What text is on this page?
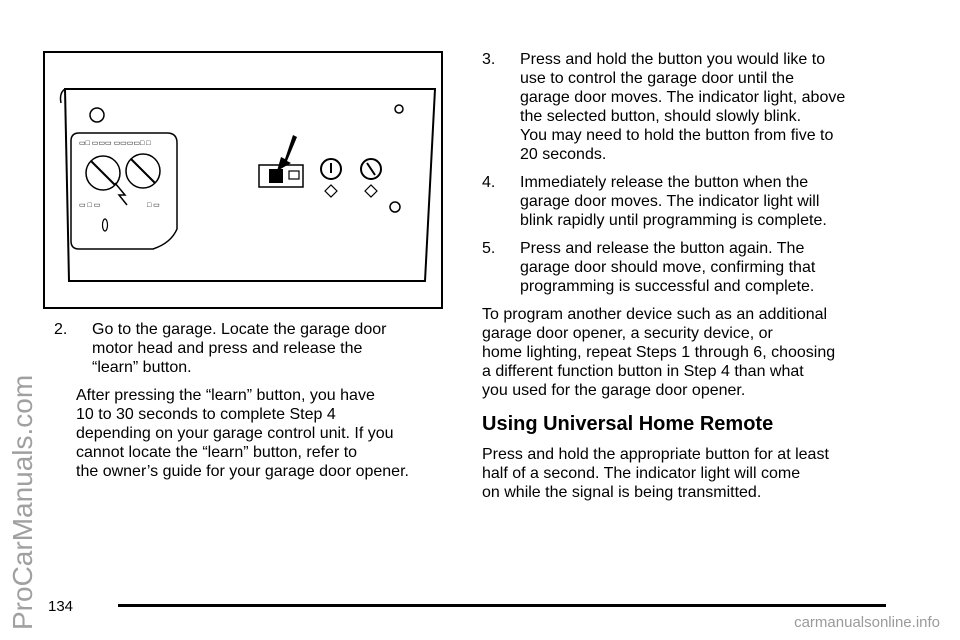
ProCarManuals.com
▭□ ▭▭▭ ▭▭▭▭□ □
▭ □ ▭	□ ▭
2. Go to the garage. Locate the garage door
motor head and press and release the
“learn” button.
After pressing the “learn” button, you have
10 to 30 seconds to complete Step 4
depending on your garage control unit. If you
cannot locate the “learn” button, refer to
the owner’s guide for your garage door opener.
3. Press and hold the button you would like to
use to control the garage door until the
garage door moves. The indicator light, above
the selected button, should slowly blink.
You may need to hold the button from five to
20 seconds.
4. Immediately release the button when the
garage door moves. The indicator light will
blink rapidly until programming is complete.
5. Press and release the button again. The
garage door should move, confirming that
programming is successful and complete.
To program another device such as an additional
garage door opener, a security device, or
home lighting, repeat Steps 1 through 6, choosing
a different function button in Step 4 than what
you used for the garage door opener.
Using Universal Home Remote
Press and hold the appropriate button for at least
half of a second. The indicator light will come
on while the signal is being transmitted.
134
carmanualsonline.info
